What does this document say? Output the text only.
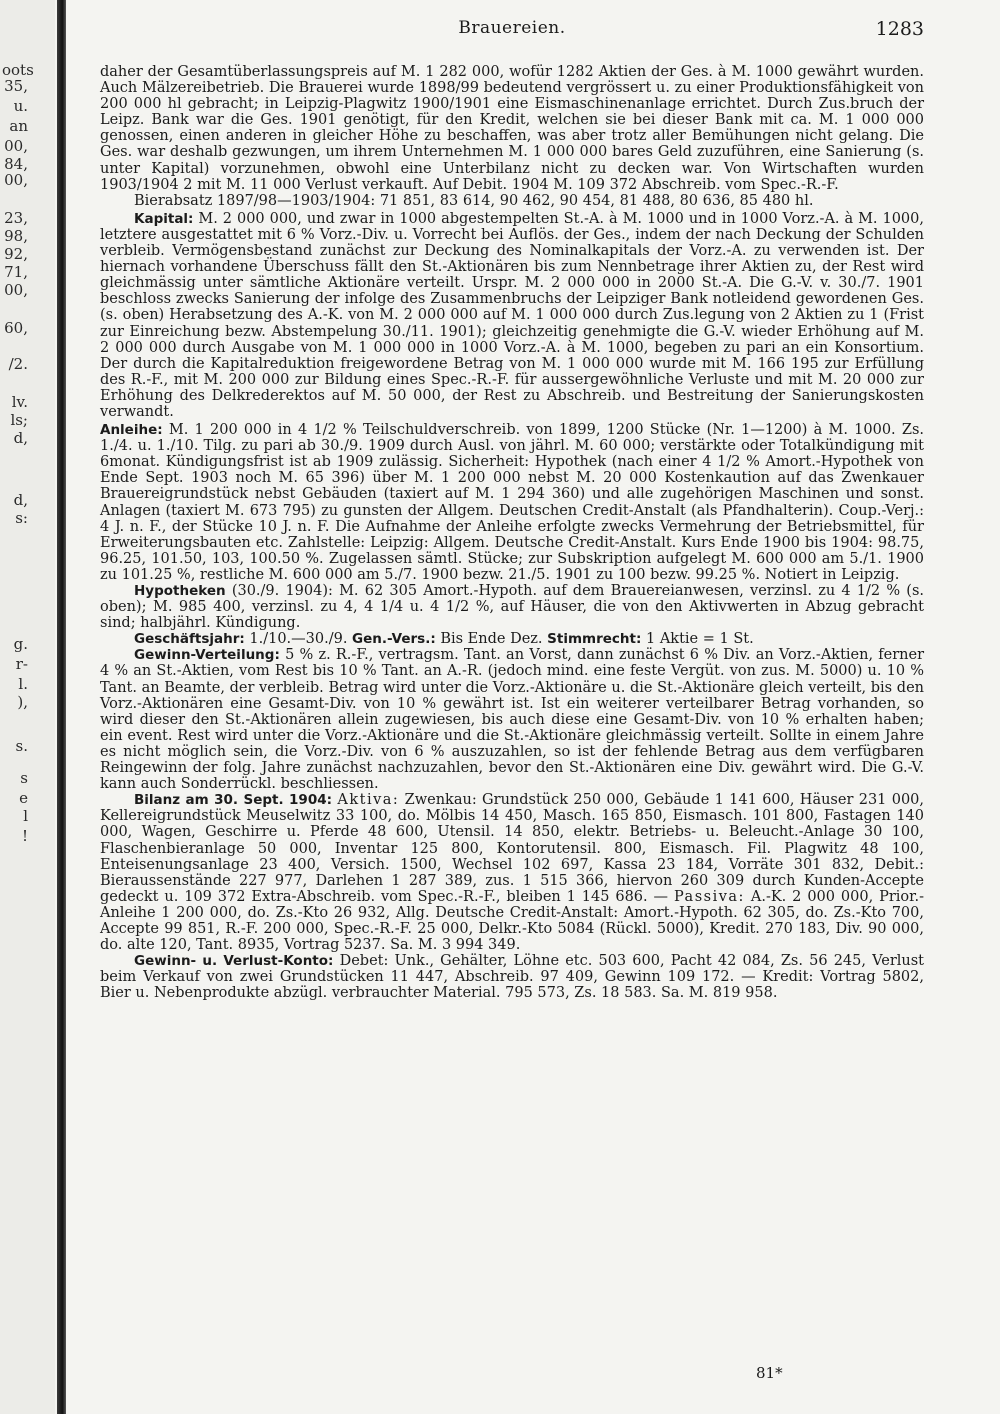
oots
35,
u.
an
00,
84,
00,
23,
98,
92,
71,
00,
60,
/2.
lv.
ls;
d,
d,
s:
g.
r-
l.
),
s.
s
e
l
!
Brauereien.	1283

daher der Gesamtüberlassungspreis auf M. 1 282 000, wofür 1282 Aktien der Ges. à M. 1000 gewährt wurden. Auch Mälzereibetrieb. Die Brauerei wurde 1898/99 bedeutend vergrössert u. zu einer Produktionsfähigkeit von 200 000 hl gebracht; in Leipzig-Plagwitz 1900/1901 eine Eismaschinenanlage errichtet. Durch Zus.bruch der Leipz. Bank war die Ges. 1901 genötigt, für den Kredit, welchen sie bei dieser Bank mit ca. M. 1 000 000 genossen, einen anderen in gleicher Höhe zu beschaffen, was aber trotz aller Bemühungen nicht gelang. Die Ges. war deshalb gezwungen, um ihrem Unternehmen M. 1 000 000 bares Geld zuzuführen, eine Sanierung (s. unter Kapital) vorzunehmen, obwohl eine Unterbilanz nicht zu decken war. Von Wirtschaften wurden 1903/1904 2 mit M. 11 000 Verlust verkauft. Auf Debit. 1904 M. 109 372 Abschreib. vom Spec.-R.-F.

Bierabsatz 1897/98—1903/1904: 71 851, 83 614, 90 462, 90 454, 81 488, 80 636, 85 480 hl.

Kapital: M. 2 000 000, und zwar in 1000 abgestempelten St.-A. à M. 1000 und in 1000 Vorz.-A. à M. 1000, letztere ausgestattet mit 6 % Vorz.-Div. u. Vorrecht bei Auflös. der Ges., indem der nach Deckung der Schulden verbleib. Vermögensbestand zunächst zur Deckung des Nominalkapitals der Vorz.-A. zu verwenden ist. Der hiernach vorhandene Überschuss fällt den St.-Aktionären bis zum Nennbetrage ihrer Aktien zu, der Rest wird gleichmässig unter sämtliche Aktionäre verteilt. Urspr. M. 2 000 000 in 2000 St.-A. Die G.-V. v. 30./7. 1901 beschloss zwecks Sanierung der infolge des Zusammenbruchs der Leipziger Bank notleidend gewordenen Ges. (s. oben) Herabsetzung des A.-K. von M. 2 000 000 auf M. 1 000 000 durch Zus.legung von 2 Aktien zu 1 (Frist zur Einreichung bezw. Abstempelung 30./11. 1901); gleichzeitig genehmigte die G.-V. wieder Erhöhung auf M. 2 000 000 durch Ausgabe von M. 1 000 000 in 1000 Vorz.-A. à M. 1000, begeben zu pari an ein Konsortium. Der durch die Kapitalreduktion freigewordene Betrag von M. 1 000 000 wurde mit M. 166 195 zur Erfüllung des R.-F., mit M. 200 000 zur Bildung eines Spec.-R.-F. für aussergewöhnliche Verluste und mit M. 20 000 zur Erhöhung des Delkrederektos auf M. 50 000, der Rest zu Abschreib. und Bestreitung der Sanierungskosten verwandt.

Anleihe: M. 1 200 000 in 4 1/2 % Teilschuldverschreib. von 1899, 1200 Stücke (Nr. 1—1200) à M. 1000. Zs. 1./4. u. 1./10. Tilg. zu pari ab 30./9. 1909 durch Ausl. von jährl. M. 60 000; verstärkte oder Totalkündigung mit 6monat. Kündigungsfrist ist ab 1909 zulässig. Sicherheit: Hypothek (nach einer 4 1/2 % Amort.-Hypothek von Ende Sept. 1903 noch M. 65 396) über M. 1 200 000 nebst M. 20 000 Kostenkaution auf das Zwenkauer Brauereigrundstück nebst Gebäuden (taxiert auf M. 1 294 360) und alle zugehörigen Maschinen und sonst. Anlagen (taxiert M. 673 795) zu gunsten der Allgem. Deutschen Credit-Anstalt (als Pfandhalterin). Coup.-Verj.: 4 J. n. F., der Stücke 10 J. n. F. Die Aufnahme der Anleihe erfolgte zwecks Vermehrung der Betriebsmittel, für Erweiterungsbauten etc. Zahlstelle: Leipzig: Allgem. Deutsche Credit-Anstalt. Kurs Ende 1900 bis 1904: 98.75, 96.25, 101.50, 103, 100.50 %. Zugelassen sämtl. Stücke; zur Subskription aufgelegt M. 600 000 am 5./1. 1900 zu 101.25 %, restliche M. 600 000 am 5./7. 1900 bezw. 21./5. 1901 zu 100 bezw. 99.25 %. Notiert in Leipzig.

Hypotheken (30./9. 1904): M. 62 305 Amort.-Hypoth. auf dem Brauereianwesen, verzinsl. zu 4 1/2 % (s. oben); M. 985 400, verzinsl. zu 4, 4 1/4 u. 4 1/2 %, auf Häuser, die von den Aktivwerten in Abzug gebracht sind; halbjährl. Kündigung.

Geschäftsjahr: 1./10.—30./9. Gen.-Vers.: Bis Ende Dez. Stimmrecht: 1 Aktie = 1 St.

Gewinn-Verteilung: 5 % z. R.-F., vertragsm. Tant. an Vorst, dann zunächst 6 % Div. an Vorz.-Aktien, ferner 4 % an St.-Aktien, vom Rest bis 10 % Tant. an A.-R. (jedoch mind. eine feste Vergüt. von zus. M. 5000) u. 10 % Tant. an Beamte, der verbleib. Betrag wird unter die Vorz.-Aktionäre u. die St.-Aktionäre gleich verteilt, bis den Vorz.-Aktionären eine Gesamt-Div. von 10 % gewährt ist. Ist ein weiterer verteilbarer Betrag vorhanden, so wird dieser den St.-Aktionären allein zugewiesen, bis auch diese eine Gesamt-Div. von 10 % erhalten haben; ein event. Rest wird unter die Vorz.-Aktionäre und die St.-Aktionäre gleichmässig verteilt. Sollte in einem Jahre es nicht möglich sein, die Vorz.-Div. von 6 % auszuzahlen, so ist der fehlende Betrag aus dem verfügbaren Reingewinn der folg. Jahre zunächst nachzuzahlen, bevor den St.-Aktionären eine Div. gewährt wird. Die G.-V. kann auch Sonderrückl. beschliessen.

Bilanz am 30. Sept. 1904: Aktiva: Zwenkau: Grundstück 250 000, Gebäude 1 141 600, Häuser 231 000, Kellereigrundstück Meuselwitz 33 100, do. Mölbis 14 450, Masch. 165 850, Eismasch. 101 800, Fastagen 140 000, Wagen, Geschirre u. Pferde 48 600, Utensil. 14 850, elektr. Betriebs- u. Beleucht.-Anlage 30 100, Flaschenbieranlage 50 000, Inventar 125 800, Kontorutensil. 800, Eismasch. Fil. Plagwitz 48 100, Enteisenungsanlage 23 400, Versich. 1500, Wechsel 102 697, Kassa 23 184, Vorräte 301 832, Debit.: Bieraussenstände 227 977, Darlehen 1 287 389, zus. 1 515 366, hiervon 260 309 durch Kunden-Accepte gedeckt u. 109 372 Extra-Abschreib. vom Spec.-R.-F., bleiben 1 145 686. — Passiva: A.-K. 2 000 000, Prior.-Anleihe 1 200 000, do. Zs.-Kto 26 932, Allg. Deutsche Credit-Anstalt: Amort.-Hypoth. 62 305, do. Zs.-Kto 700, Accepte 99 851, R.-F. 200 000, Spec.-R.-F. 25 000, Delkr.-Kto 5084 (Rückl. 5000), Kredit. 270 183, Div. 90 000, do. alte 120, Tant. 8935, Vortrag 5237. Sa. M. 3 994 349.

Gewinn- u. Verlust-Konto: Debet: Unk., Gehälter, Löhne etc. 503 600, Pacht 42 084, Zs. 56 245, Verlust beim Verkauf von zwei Grundstücken 11 447, Abschreib. 97 409, Gewinn 109 172. — Kredit: Vortrag 5802, Bier u. Nebenprodukte abzügl. verbrauchter Material. 795 573, Zs. 18 583. Sa. M. 819 958.

81*
